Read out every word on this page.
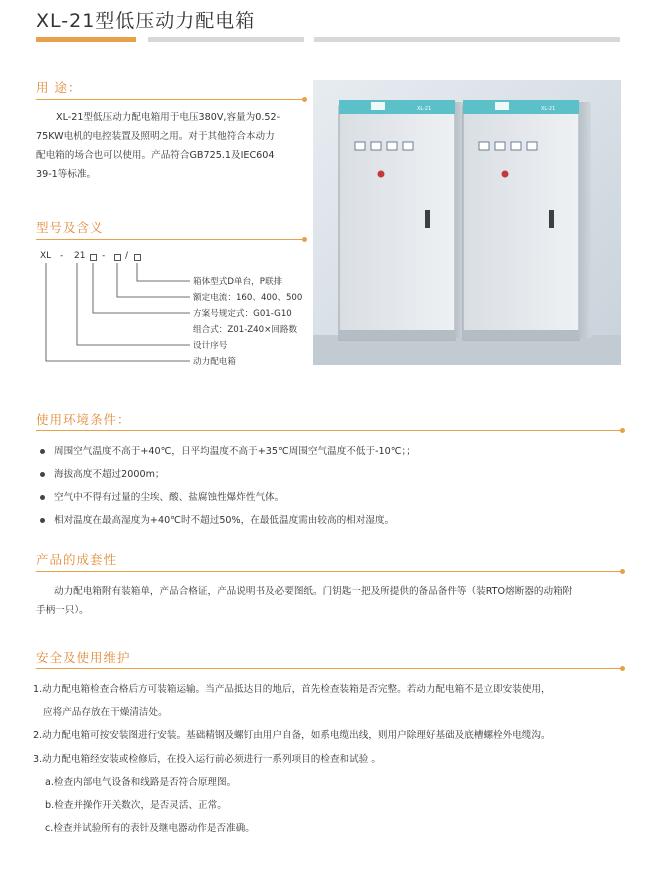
XL-21型低压动力配电箱
用 途：
XL-21型低压动力配电箱用于电压380V,容量为0.52-
75KW电机的电控装置及照明之用。对于其他符合本动力
配电箱的场合也可以使用。产品符合GB725.1及IEC604
39-1等标准。
型号及含义
XL - 21 - /
箱体型式D单台，P联排
额定电流：160、400、500
方案号规定式：G01-G10
组合式：Z01-Z40×回路数
设计序号
动力配电箱
XL-21	XL-21
使用环境条件：
周围空气温度不高于+40℃，日平均温度不高于+35℃周围空气温度不低于-10℃；；
海拔高度不超过2000m；
空气中不得有过量的尘埃、酸、盐腐蚀性爆炸性气体。
相对温度在最高湿度为+40℃时不超过50%，在最低温度需由较高的相对湿度。
产品的成套性
动力配电箱附有装箱单，产品合格证，产品说明书及必要图纸。门钥匙一把及所提供的备品备件等（装RTO熔断器的动箱附
手柄一只）。
安全及使用维护
1.动力配电箱检查合格后方可装箱运输。当产品抵达目的地后，首先检查装箱是否完整。若动力配电箱不是立即安装使用，
应将产品存放在干燥清洁处。
2.动力配电箱可按安装图进行安装。基础精钢及螺钉由用户自备，如系电缆出线，则用户除理好基础及底槽螺栓外电缆沟。
3.动力配电箱经安装或检修后，在投入运行前必须进行一系列项目的检查和试验 。
a.检查内部电气设备和线路是否符合原理图。
b.检查并操作开关数次，是否灵活、正常。
c.检查并试验所有的表针及继电器动作是否准确。
